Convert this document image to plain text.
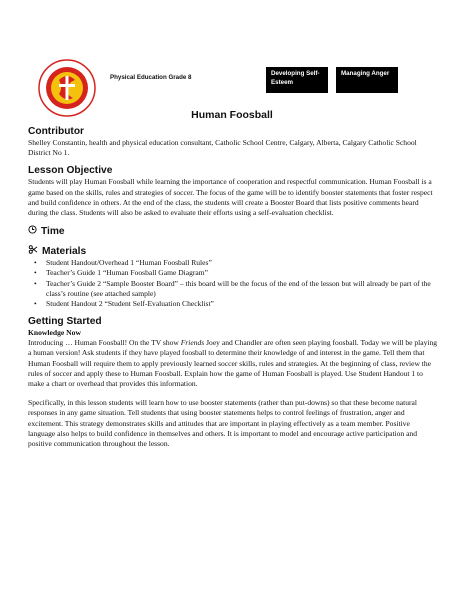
Physical Education Grade 8
Developing Self-Esteem
Managing Anger
Human Foosball
Contributor

Shelley Constantin, health and physical education consultant, Catholic School Centre, Calgary, Alberta, Calgary Catholic School District No 1.

Lesson Objective

Students will play Human Foosball while learning the importance of cooperation and respectful communication. Human Foosball is a game based on the skills, rules and strategies of soccer. The focus of the game will be to identify booster statements that foster respect and build confidence in others. At the end of the class, the students will create a Booster Board that lists positive comments heard during the class. Students will also be asked to evaluate their efforts using a self-evaluation checklist.

Time
Materials
• Student Handout/Overhead 1 “Human Foosball Rules”
• Teacher’s Guide 1 “Human Foosball Game Diagram”
• Teacher’s Guide 2 “Sample Booster Board” – this board will be the focus of the end of the lesson but will already be part of the class’s routine (see attached sample)
• Student Handout 2 “Student Self-Evaluation Checklist”
Getting Started
Knowledge Now

Introducing … Human Foosball! On the TV show Friends Joey and Chandler are often seen playing foosball. Today we will be playing a human version! Ask students if they have played foosball to determine their knowledge of and interest in the game. Tell them that Human Foosball will require them to apply previously learned soccer skills, rules and strategies. At the beginning of class, review the rules of soccer and apply these to Human Foosball. Explain how the game of Human Foosball is played. Use Student Handout 1 to make a chart or overhead that provides this information.

Specifically, in this lesson students will learn how to use booster statements (rather than put-downs) so that these become natural responses in any game situation. Tell students that using booster statements helps to control feelings of frustration, anger and excitement. This strategy demonstrates skills and attitudes that are important in playing effectively as a team member. Positive language also helps to build confidence in themselves and others. It is important to model and encourage active participation and positive communication throughout the lesson.
